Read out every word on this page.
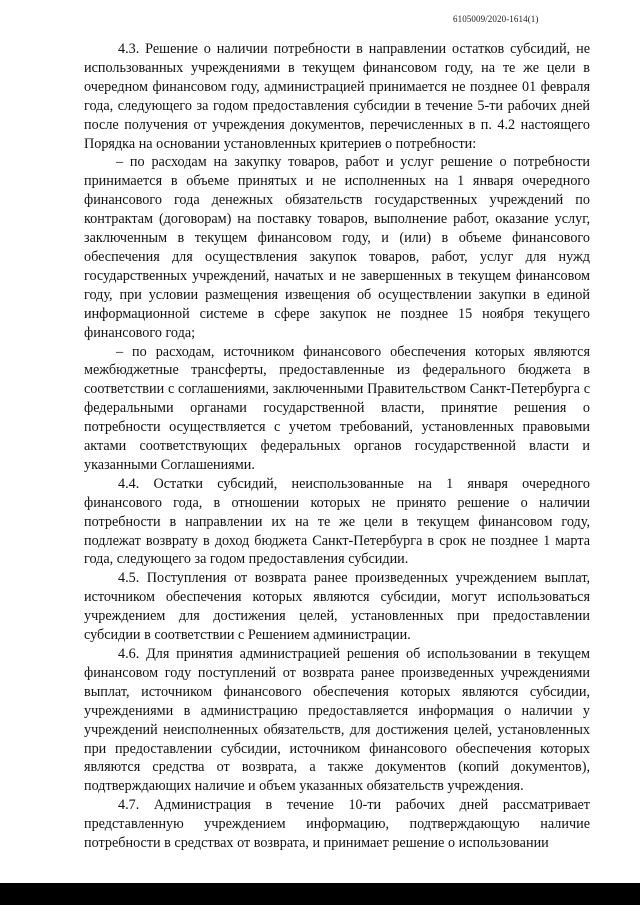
6105009/2020-1614(1)

4.3. Решение о наличии потребности в направлении остатков субсидий, не использованных учреждениями в текущем финансовом году, на те же цели в очередном финансовом году, администрацией принимается не позднее 01 февраля года, следующего за годом предоставления субсидии в течение 5-ти рабочих дней после получения от учреждения документов, перечисленных в п. 4.2 настоящего Порядка на основании установленных критериев о потребности:

– по расходам на закупку товаров, работ и услуг решение о потребности принимается в объеме принятых и не исполненных на 1 января очередного финансового года денежных обязательств государственных учреждений по контрактам (договорам) на поставку товаров, выполнение работ, оказание услуг, заключенным в текущем финансовом году, и (или) в объеме финансового обеспечения для осуществления закупок товаров, работ, услуг для нужд государственных учреждений, начатых и не завершенных в текущем финансовом году, при условии размещения извещения об осуществлении закупки в единой информационной системе в сфере закупок не позднее 15 ноября текущего финансового года;

– по расходам, источником финансового обеспечения которых являются межбюджетные трансферты, предоставленные из федерального бюджета в соответствии с соглашениями, заключенными Правительством Санкт-Петербурга с федеральными органами государственной власти, принятие решения о потребности осуществляется с учетом требований, установленных правовыми актами соответствующих федеральных органов государственной власти и указанными Соглашениями.

4.4. Остатки субсидий, неиспользованные на 1 января очередного финансового года, в отношении которых не принято решение о наличии потребности в направлении их на те же цели в текущем финансовом году, подлежат возврату в доход бюджета Санкт-Петербурга в срок не позднее 1 марта года, следующего за годом предоставления субсидии.

4.5. Поступления от возврата ранее произведенных учреждением выплат, источником обеспечения которых являются субсидии, могут использоваться учреждением для достижения целей, установленных при предоставлении субсидии в соответствии с Решением администрации.

4.6. Для принятия администрацией решения об использовании в текущем финансовом году поступлений от возврата ранее произведенных учреждениями выплат, источником финансового обеспечения которых являются субсидии, учреждениями в администрацию предоставляется информация о наличии у учреждений неисполненных обязательств, для достижения целей, установленных при предоставлении субсидии, источником финансового обеспечения которых являются средства от возврата, а также документов (копий документов), подтверждающих наличие и объем указанных обязательств учреждения.

4.7. Администрация в течение 10-ти рабочих дней рассматривает представленную учреждением информацию, подтверждающую наличие потребности в средствах от возврата, и принимает решение о использовании
